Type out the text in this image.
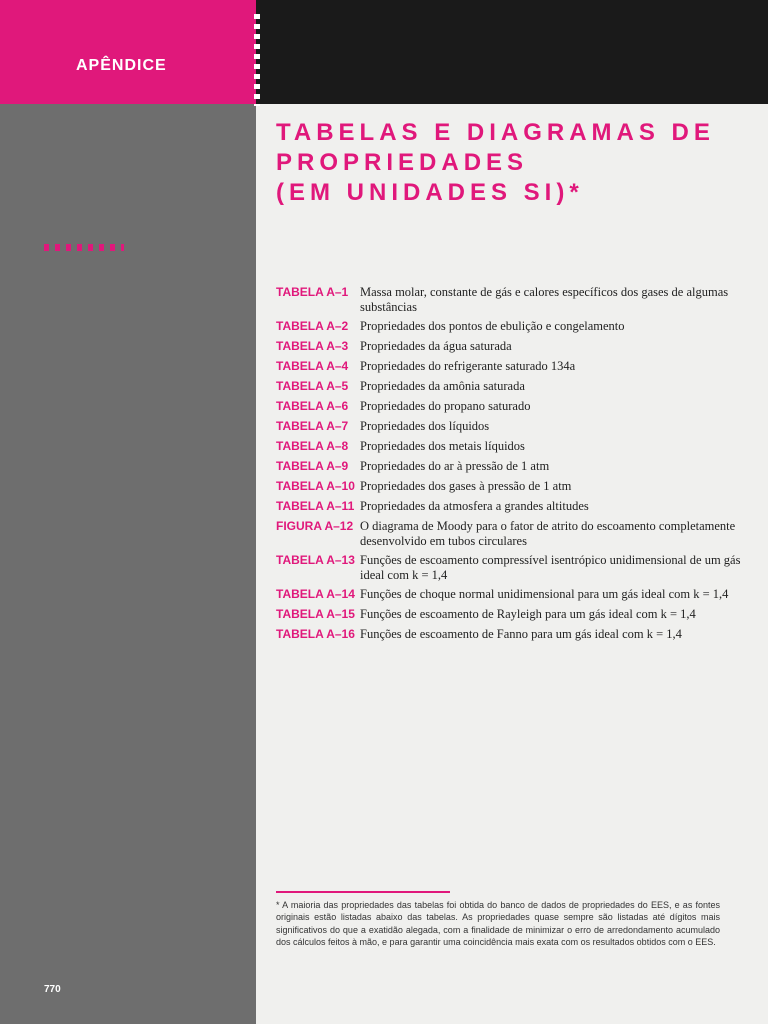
APÊNDICE
TABELAS E DIAGRAMAS DE
PROPRIEDADES
(EM UNIDADES SI)*
TABELA A–1 Massa molar, constante de gás e calores específicos dos gases de algumas substâncias
TABELA A–2 Propriedades dos pontos de ebulição e congelamento
TABELA A–3 Propriedades da água saturada
TABELA A–4 Propriedades do refrigerante saturado 134a
TABELA A–5 Propriedades da amônia saturada
TABELA A–6 Propriedades do propano saturado
TABELA A–7 Propriedades dos líquidos
TABELA A–8 Propriedades dos metais líquidos
TABELA A–9 Propriedades do ar à pressão de 1 atm
TABELA A–10 Propriedades dos gases à pressão de 1 atm
TABELA A–11 Propriedades da atmosfera a grandes altitudes
FIGURA A–12 O diagrama de Moody para o fator de atrito do escoamento completamente desenvolvido em tubos circulares
TABELA A–13 Funções de escoamento compressível isentrópico unidimensional de um gás ideal com k = 1,4
TABELA A–14 Funções de choque normal unidimensional para um gás ideal com k = 1,4
TABELA A–15 Funções de escoamento de Rayleigh para um gás ideal com k = 1,4
TABELA A–16 Funções de escoamento de Fanno para um gás ideal com k = 1,4

* A maioria das propriedades das tabelas foi obtida do banco de dados de propriedades do EES, e as fontes originais estão listadas abaixo das tabelas. As propriedades quase sempre são listadas até dígitos mais significativos do que a exatidão alegada, com a finalidade de minimizar o erro de arredondamento acumulado dos cálculos feitos à mão, e para garantir uma coincidência mais exata com os resultados obtidos com o EES.

770
